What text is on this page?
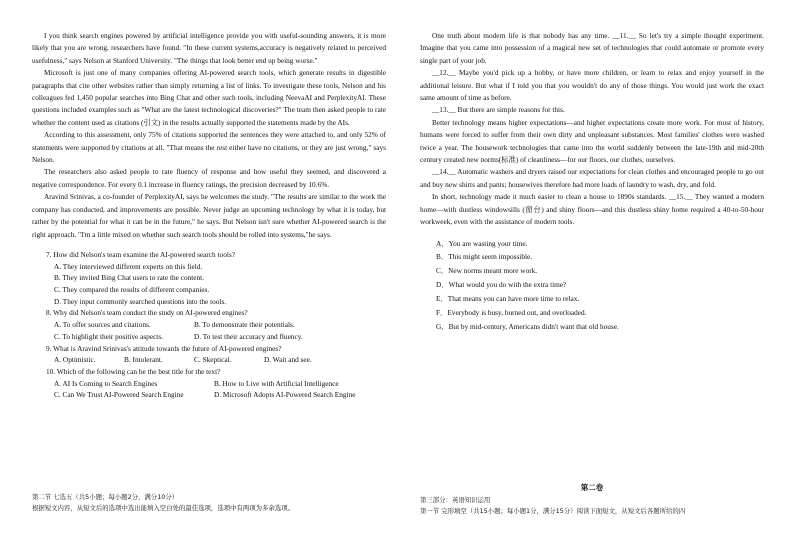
I you think search engines powered by artificial intelligence provide you with useful-sounding answers, it is more likely that you are wrong, researchers have found. "In these current systems,accuracy is negatively related to perceived usefulness," says Nelson at Stanford University. "The things that look better end up being worse."

Microsoft is just one of many companies offering AI-powered search tools, which generate results in digestible paragraphs that cite other websites rather than simply returning a list of links. To investigate these tools, Nelson and his colleagues fed 1,450 popular searches into Bing Chat and other such tools, including NeevaAI and PerplexityAI. These questions included examples such as "What are the latest technological discoveries?" The team then asked people to rate whether the content used as citations (引文) in the results actually supported the statements made by the AIs.

According to this assessment, only 75% of citations supported the sentences they were attached to, and only 52% of statements were supported by citations at all. "That means the rest either have no citations, or they are just wrong," says Nelson.

The researchers also asked people to rate fluency of response and how useful they seemed, and discovered a negative correspondence. For every 0.1 increase in fluency ratings, the precision decreased by 10.6%.

Aravind Srinivas, a co-founder of PerplexityAI, says he welcomes the study. "The results are similar to the work the company has conducted, and improvements are possible. Never judge an upcoming technology by what it is today, but rather by the potential for what it can be in the future," he says. But Nelson isn't sure whether AI-powered search is the right approach. "I'm a little mixed on whether such search tools should be rolled into systems,"he says.

7. How did Nelson's team examine the AI-powered search tools?
A. They interviewed different experts on this field.
B. They invited Bing Chat users to rate the content.
C. They compared the results of different companies.
D. They input commonly searched questions into the tools.
8. Why did Nelson's team conduct the study on AI-powered engines?
A. To offer sources and citations.	B. To demonstrate their potentials.
C. To highlight their positive aspects.	D. To test their accuracy and fluency.
9. What is Aravind Srinivas's attitude towards the future of AI-powered engines?
A. Optimistic.	B. Intolerant.	C. Skeptical.	D. Wait and see.
10. Which of the following can be the best title for the text?
A. AI Is Coming to Search Engines	B. How to Live with Artificial Intelligence
C. Can We Trust AI-Powered Search Engine	D. Microsoft Adopts AI-Powered Search Engine
第二节 七选五（共5小题；每小题2分，满分10分）
根据短文内容，从短文后的选项中选出能填入空白处的最佳选项，选项中有两项为多余选项。

One truth about modern life is that nobody has any time. __11.__ So let's try a simple thought experiment. Imagine that you came into possession of a magical new set of technologies that could automate or promote every single part of your job.

__12.__ Maybe you'd pick up a hobby, or have more children, or learn to relax and enjoy yourself in the additional leisure. But what if I told you that you wouldn't do any of those things. You would just work the exact same amount of time as before.

__13.__ But there are simple reasons for this.

Better technology means higher expectations—and higher expectations create more work. For most of history, humans were forced to suffer from their own dirty and unpleasant substances. Most families' clothes were washed twice a year. The housework technologies that came into the world suddenly between the late-19th and mid-20th century created new norms(标准) of cleanliness—for our floors, our clothes, ourselves.

__14.__ Automatic washers and dryers raised our expectations for clean clothes and encouraged people to go out and buy new shirts and pants; housewives therefore had more loads of laundry to wash, dry, and fold.

In short, technology made it much easier to clean a house to 1890s standards. __15.__ They wanted a modern home—with dustless windowsills (窗台) and shiny floors—and this dustless shiny home required a 40-to-50-hour workweek, even with the assistance of modern tools.

A．You are wasting your time.
B．This might seem impossible.
C．New norms meant more work.
D．What would you do with the extra time?
E．That means you can have more time to relax.
F．Everybody is busy, burned out, and overloaded.
G．But by mid-century, Americans didn't want that old house.
第二卷
第三部分：英语知识运用
第一节 完形填空（共15小题；每小题1分，满分15分）阅读下面短文，从短文后各题所给的四
